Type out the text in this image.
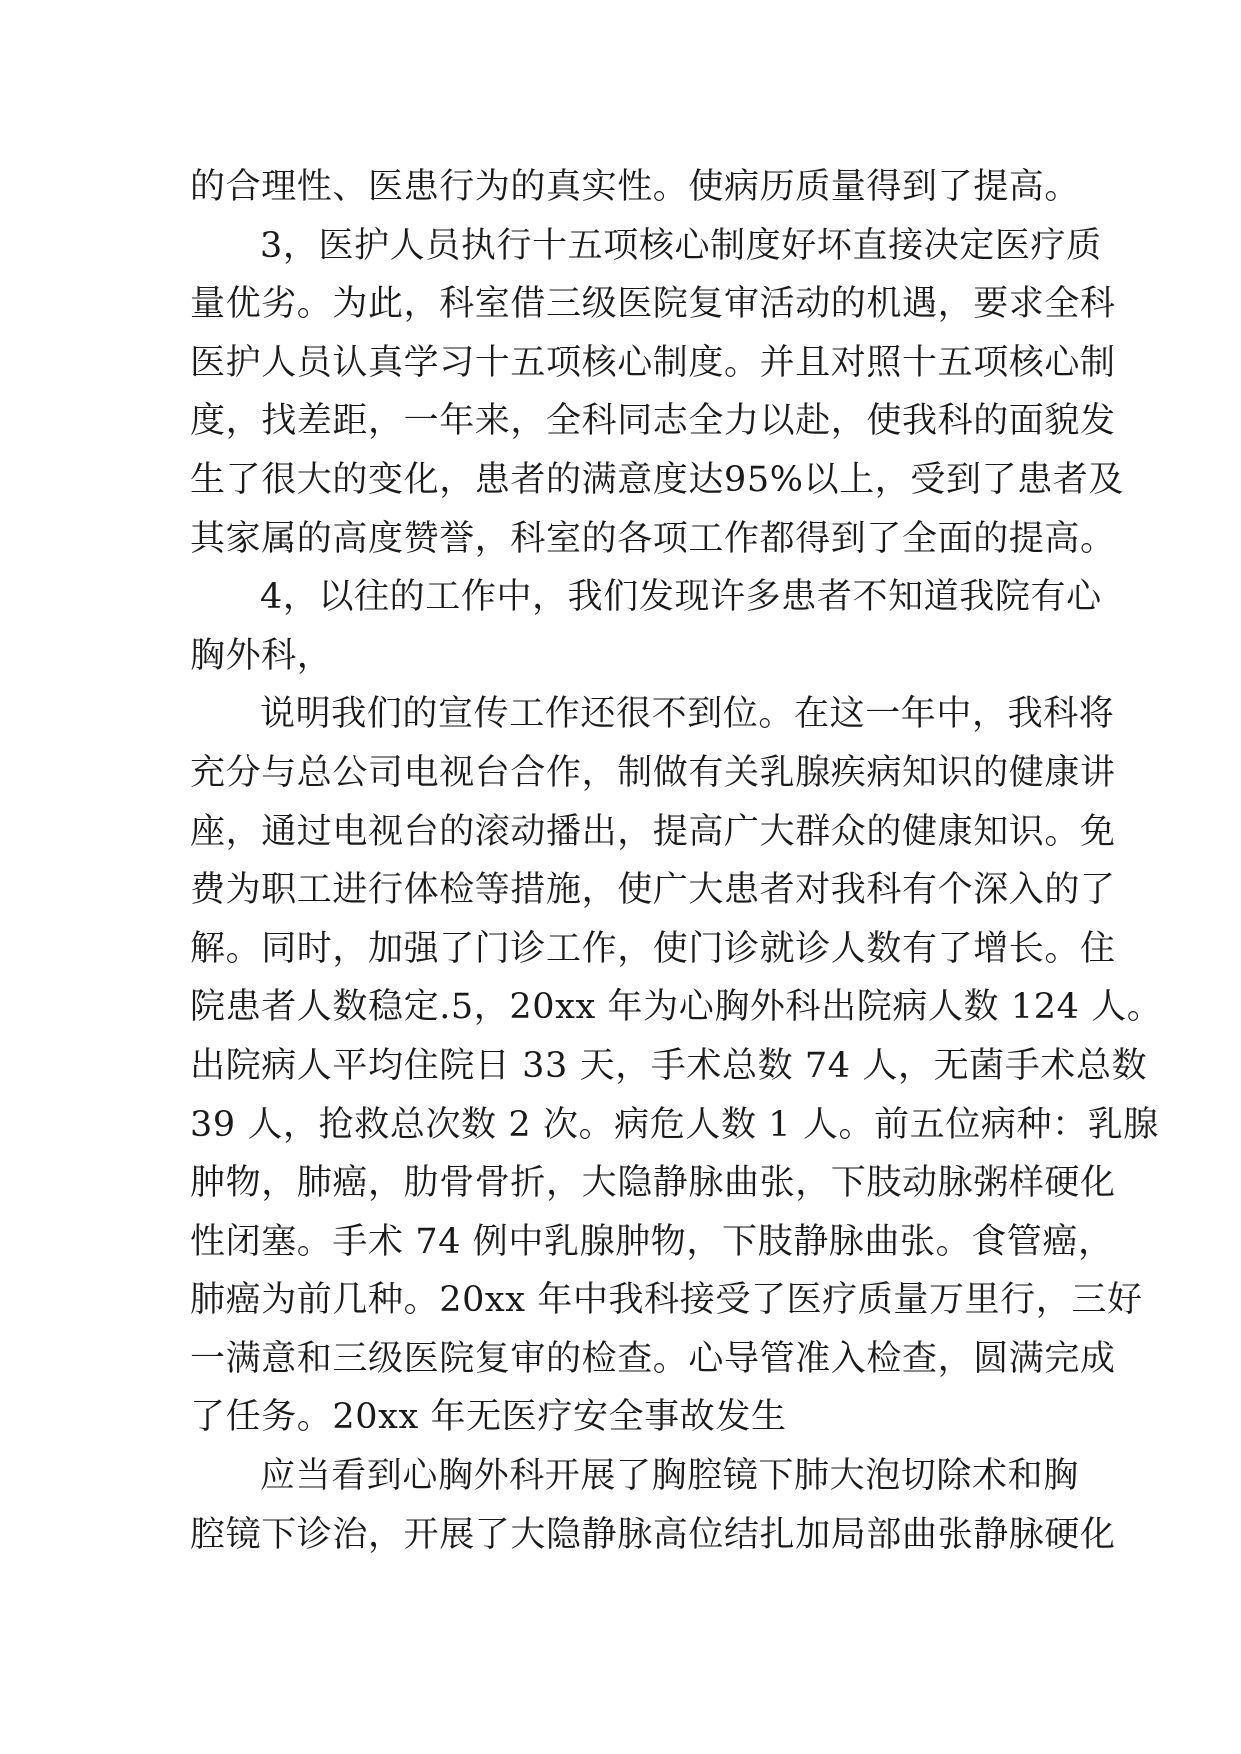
的合理性、医患行为的真实性。使病历质量得到了提高。
3，医护人员执行十五项核心制度好坏直接决定医疗质
量优劣。为此，科室借三级医院复审活动的机遇，要求全科
医护人员认真学习十五项核心制度。并且对照十五项核心制
度，找差距，一年来，全科同志全力以赴，使我科的面貌发
生了很大的变化，患者的满意度达95%以上，受到了患者及
其家属的高度赞誉，科室的各项工作都得到了全面的提高。
4，以往的工作中，我们发现许多患者不知道我院有心
胸外科，
说明我们的宣传工作还很不到位。在这一年中，我科将
充分与总公司电视台合作，制做有关乳腺疾病知识的健康讲
座，通过电视台的滚动播出，提高广大群众的健康知识。免
费为职工进行体检等措施，使广大患者对我科有个深入的了
解。同时，加强了门诊工作，使门诊就诊人数有了增长。住
院患者人数稳定.5，20xx 年为心胸外科出院病人数 124 人。
出院病人平均住院日 33 天，手术总数 74 人，无菌手术总数
39 人，抢救总次数 2 次。病危人数 1 人。前五位病种：乳腺
肿物，肺癌，肋骨骨折，大隐静脉曲张，下肢动脉粥样硬化
性闭塞。手术 74 例中乳腺肿物，下肢静脉曲张。食管癌，
肺癌为前几种。20xx 年中我科接受了医疗质量万里行，三好
一满意和三级医院复审的检查。心导管准入检查，圆满完成
了任务。20xx 年无医疗安全事故发生
应当看到心胸外科开展了胸腔镜下肺大泡切除术和胸
腔镜下诊治，开展了大隐静脉高位结扎加局部曲张静脉硬化
